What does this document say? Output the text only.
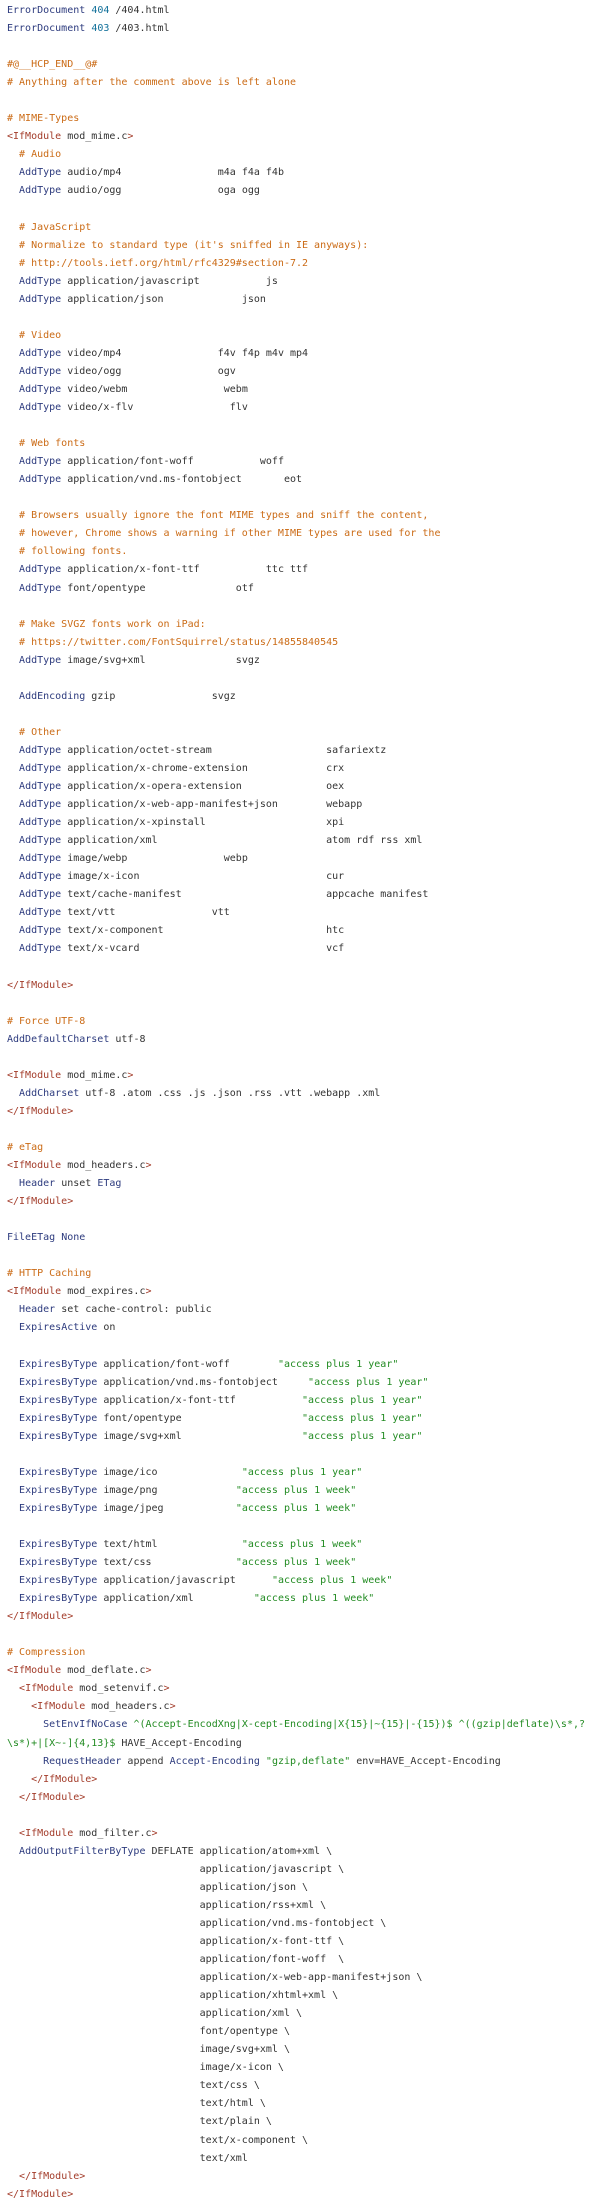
ErrorDocument 404 /404.html
ErrorDocument 403 /403.html

#@__HCP_END__@#
# Anything after the comment above is left alone

# MIME-Types
<IfModule mod_mime.c>
# Audio
AddType audio/mp4                m4a f4a f4b
AddType audio/ogg                oga ogg

# JavaScript
# Normalize to standard type (it's sniffed in IE anyways):
# http://tools.ietf.org/html/rfc4329#section-7.2
AddType application/javascript           js
AddType application/json             json

# Video
AddType video/mp4                f4v f4p m4v mp4
AddType video/ogg                ogv
AddType video/webm                webm
AddType video/x-flv                flv

# Web fonts
AddType application/font-woff           woff
AddType application/vnd.ms-fontobject       eot

# Browsers usually ignore the font MIME types and sniff the content,
# however, Chrome shows a warning if other MIME types are used for the
# following fonts.
AddType application/x-font-ttf           ttc ttf
AddType font/opentype               otf

# Make SVGZ fonts work on iPad:
# https://twitter.com/FontSquirrel/status/14855840545
AddType image/svg+xml               svgz

AddEncoding gzip                svgz

# Other
AddType application/octet-stream                   safariextz
AddType application/x-chrome-extension             crx
AddType application/x-opera-extension              oex
AddType application/x-web-app-manifest+json        webapp
AddType application/x-xpinstall                    xpi
AddType application/xml                            atom rdf rss xml
AddType image/webp                webp
AddType image/x-icon                               cur
AddType text/cache-manifest                        appcache manifest
AddType text/vtt                vtt
AddType text/x-component                           htc
AddType text/x-vcard                               vcf

</IfModule>

# Force UTF-8
AddDefaultCharset utf-8

<IfModule mod_mime.c>
AddCharset utf-8 .atom .css .js .json .rss .vtt .webapp .xml
</IfModule>

# eTag
<IfModule mod_headers.c>
Header unset ETag
</IfModule>

FileETag None

# HTTP Caching
<IfModule mod_expires.c>
Header set cache-control: public
ExpiresActive on

ExpiresByType application/font-woff        "access plus 1 year"
ExpiresByType application/vnd.ms-fontobject     "access plus 1 year"
ExpiresByType application/x-font-ttf           "access plus 1 year"
ExpiresByType font/opentype                    "access plus 1 year"
ExpiresByType image/svg+xml                    "access plus 1 year"

ExpiresByType image/ico              "access plus 1 year"
ExpiresByType image/png             "access plus 1 week"
ExpiresByType image/jpeg            "access plus 1 week"

ExpiresByType text/html              "access plus 1 week"
ExpiresByType text/css              "access plus 1 week"
ExpiresByType application/javascript      "access plus 1 week"
ExpiresByType application/xml          "access plus 1 week"
</IfModule>

# Compression
<IfModule mod_deflate.c>
<IfModule mod_setenvif.c>
<IfModule mod_headers.c>
SetEnvIfNoCase ^(Accept-EncodXng|X-cept-Encoding|X{15}|~{15}|-{15})$ ^((gzip|deflate)\s*,?
\s*)+|[X~-]{4,13}$ HAVE_Accept-Encoding
RequestHeader append Accept-Encoding "gzip,deflate" env=HAVE_Accept-Encoding
</IfModule>
</IfModule>

<IfModule mod_filter.c>
AddOutputFilterByType DEFLATE application/atom+xml \
application/javascript \
application/json \
application/rss+xml \
application/vnd.ms-fontobject \
application/x-font-ttf \
application/font-woff  \
application/x-web-app-manifest+json \
application/xhtml+xml \
application/xml \
font/opentype \
image/svg+xml \
image/x-icon \
text/css \
text/html \
text/plain \
text/x-component \
text/xml
</IfModule>
</IfModule>
